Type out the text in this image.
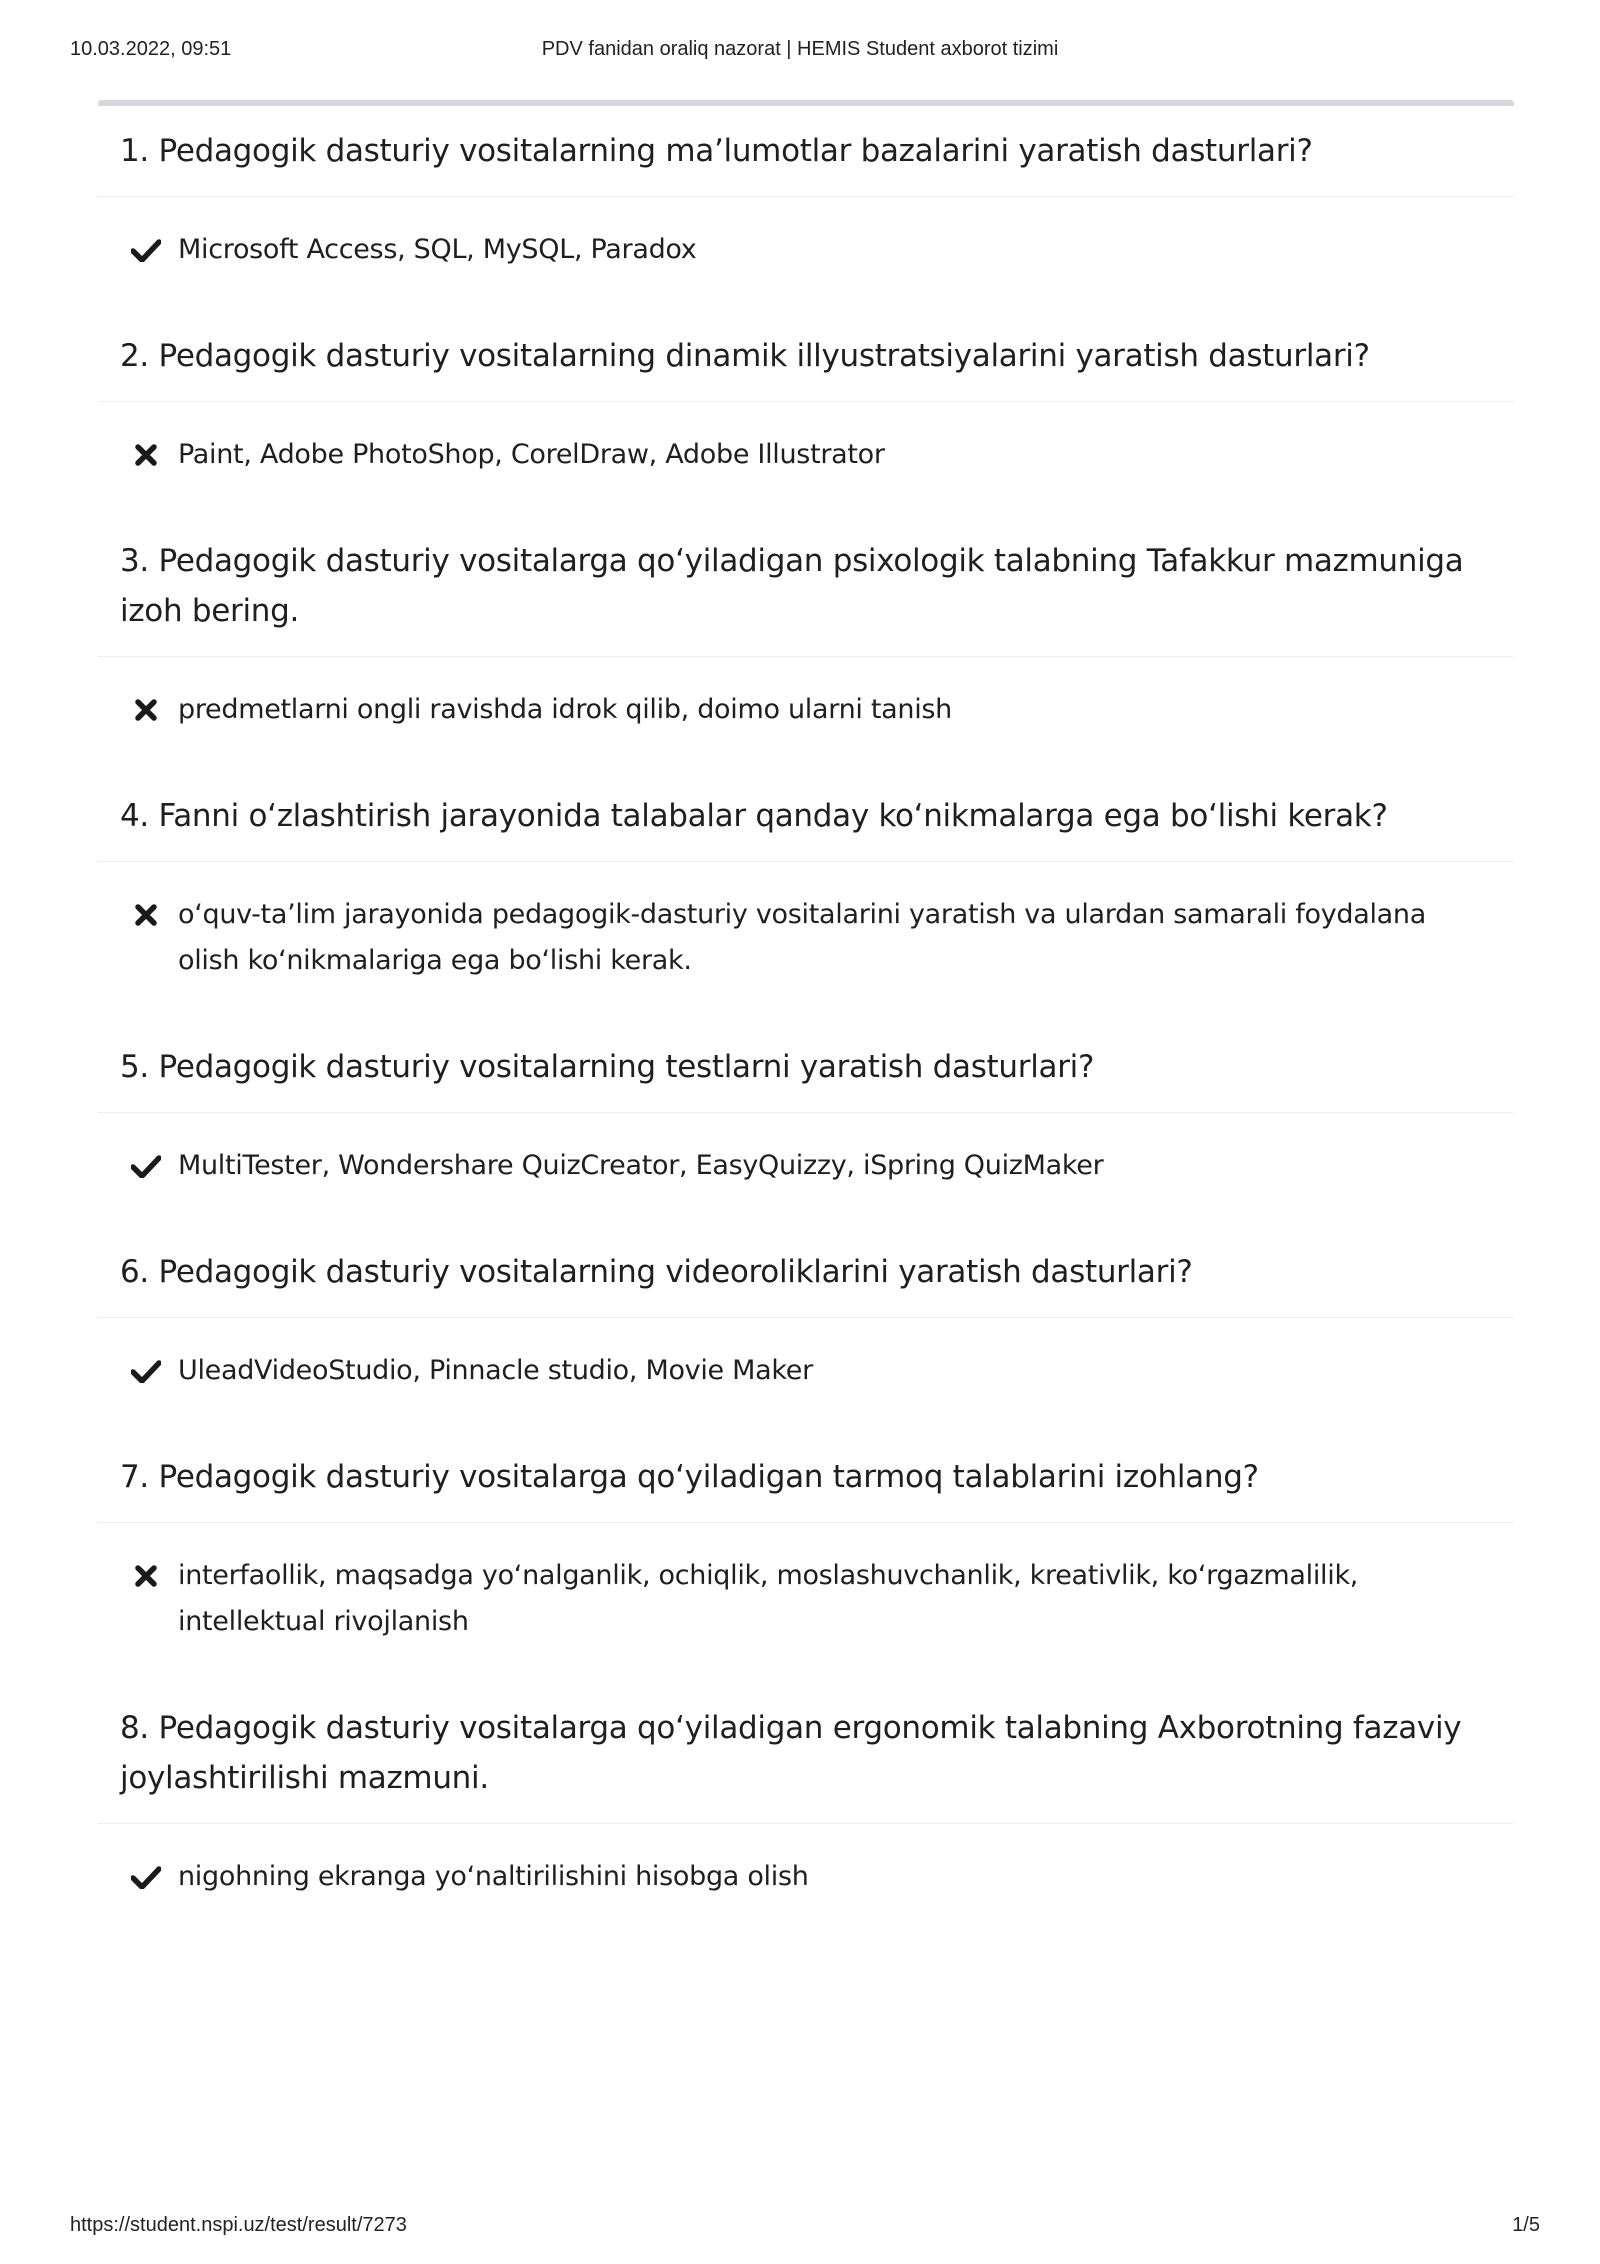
10.03.2022, 09:51	PDV fanidan oraliq nazorat | HEMIS Student axborot tizimi
1. Pedagogik dasturiy vositalarning ma’lumotlar bazalarini yaratish dasturlari?
Microsoft Access, SQL, MySQL, Paradox
2. Pedagogik dasturiy vositalarning dinamik illyustratsiyalarini yaratish dasturlari?
Paint, Adobe PhotoShop, CorelDraw, Adobe Illustrator
3. Pedagogik dasturiy vositalarga qo‘yiladigan psixologik talabning Tafakkur mazmuniga izoh bering.
predmetlarni ongli ravishda idrok qilib, doimo ularni tanish
4. Fanni o‘zlashtirish jarayonida talabalar qanday ko‘nikmalarga ega bo‘lishi kerak?
o‘quv-ta’lim jarayonida pedagogik-dasturiy vositalarini yaratish va ulardan samarali foydalana olish ko‘nikmalariga ega bo‘lishi kerak.
5. Pedagogik dasturiy vositalarning testlarni yaratish dasturlari?
MultiTester, Wondershare QuizCreator, EasyQuizzy, iSpring QuizMaker
6. Pedagogik dasturiy vositalarning videoroliklarini yaratish dasturlari?
UleadVideoStudio, Pinnacle studio, Movie Maker
7. Pedagogik dasturiy vositalarga qo‘yiladigan tarmoq talablarini izohlang?
interfaollik, maqsadga yo‘nalganlik, ochiqlik, moslashuvchanlik, kreativlik, ko‘rgazmalilik, intellektual rivojlanish
8. Pedagogik dasturiy vositalarga qo‘yiladigan ergonomik talabning Axborotning fazaviy joylashtirilishi mazmuni.
nigohning ekranga yo‘naltirilishini hisobga olish
https://student.nspi.uz/test/result/7273	1/5
